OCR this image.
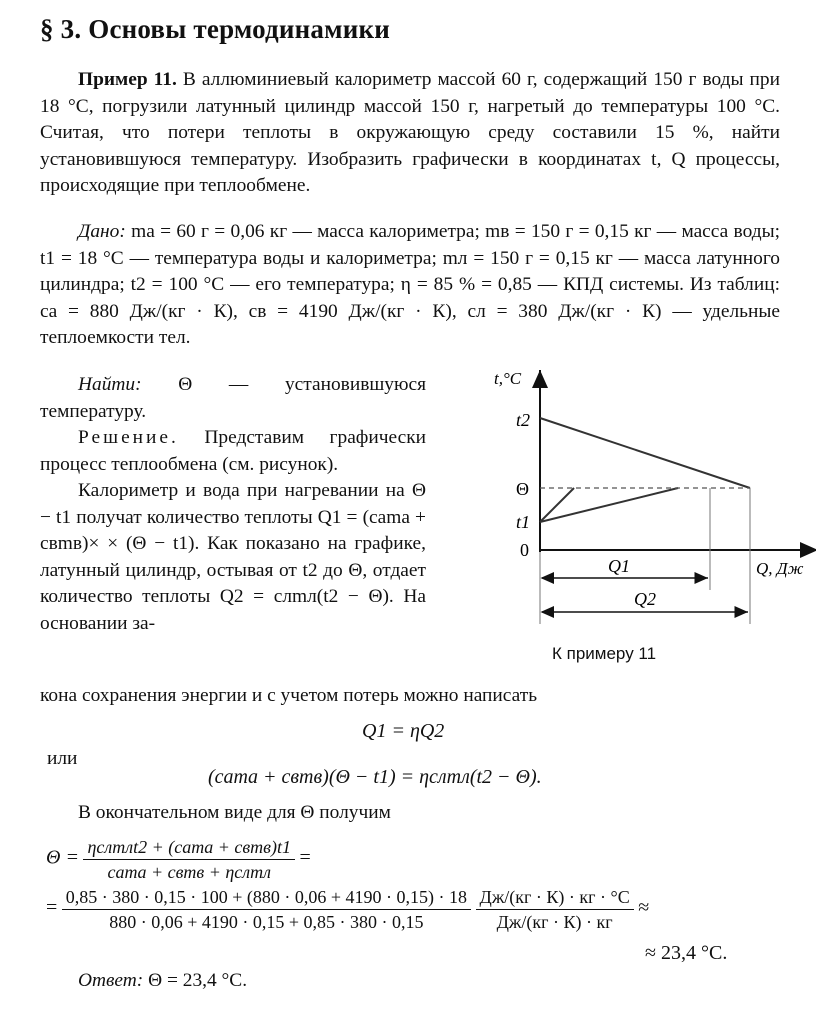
§ 3. Основы термодинамики
Пример 11. В аллюминиевый калориметр массой 60 г, содержащий 150 г воды при 18 °С, погрузили латунный цилиндр массой 150 г, нагретый до температуры 100 °С. Считая, что потери теплоты в окружающую среду составили 15 %, найти установившуюся температуру. Изобразить графически в координатах t, Q процессы, происходящие при теплообмене.
Дано: mа = 60 г = 0,06 кг — масса калориметра; mв = 150 г = 0,15 кг — масса воды; t1 = 18 °С — температура воды и калориметра; mл = 150 г = 0,15 кг — масса латунного цилиндра; t2 = 100 °С — его температура; η = 85 % = 0,85 — КПД системы. Из таблиц: cа = 880 Дж/(кг · К), cв = 4190 Дж/(кг · К), cл = 380 Дж/(кг · К) — удельные теплоемкости тел.

Найти: Θ — установившуюся температуру.

Решение. Представим графически процесс теплообмена (см. рисунок).

Калориметр и вода при нагревании на Θ − t1 получат количество теплоты Q1 = (cаmа + cвmв)× × (Θ − t1). Как показано на графике, латунный цилиндр, остывая от t2 до Θ, отдает количество теплоты Q2 = cлmл(t2 − Θ). На основании за-

кона сохранения энергии и с учетом потерь можно написать
Q1 = ηQ2
или
(cаmа + cвmв)(Θ − t1) = ηcлmл(t2 − Θ).
В окончательном виде для Θ получим
$\Theta = \frac{\text{ηcлmлt2 + (cаmа + cвmв)t1}}{\text{cаmа + cвmв + ηcлmл}}$ =
= $\frac{0,85 \cdot 380 \cdot 0,15 \cdot 100 + (880 \cdot 0,06 + 4190 \cdot 0,15) \cdot 18}{880 \cdot 0,06 + 4190 \cdot 0,15 + 0,85 \cdot 380 \cdot 0,15}$
$\frac{Дж/(кг \cdot К) \cdot кг \cdot ^\circ С}{Дж/(кг \cdot К) \cdot кг}$ ≈
≈ 23,4 °С.
Ответ: Θ = 23,4 °С.
t,°С
t2
Θ
t1
0
Q1
Q2
Q, Дж
К примеру 11
